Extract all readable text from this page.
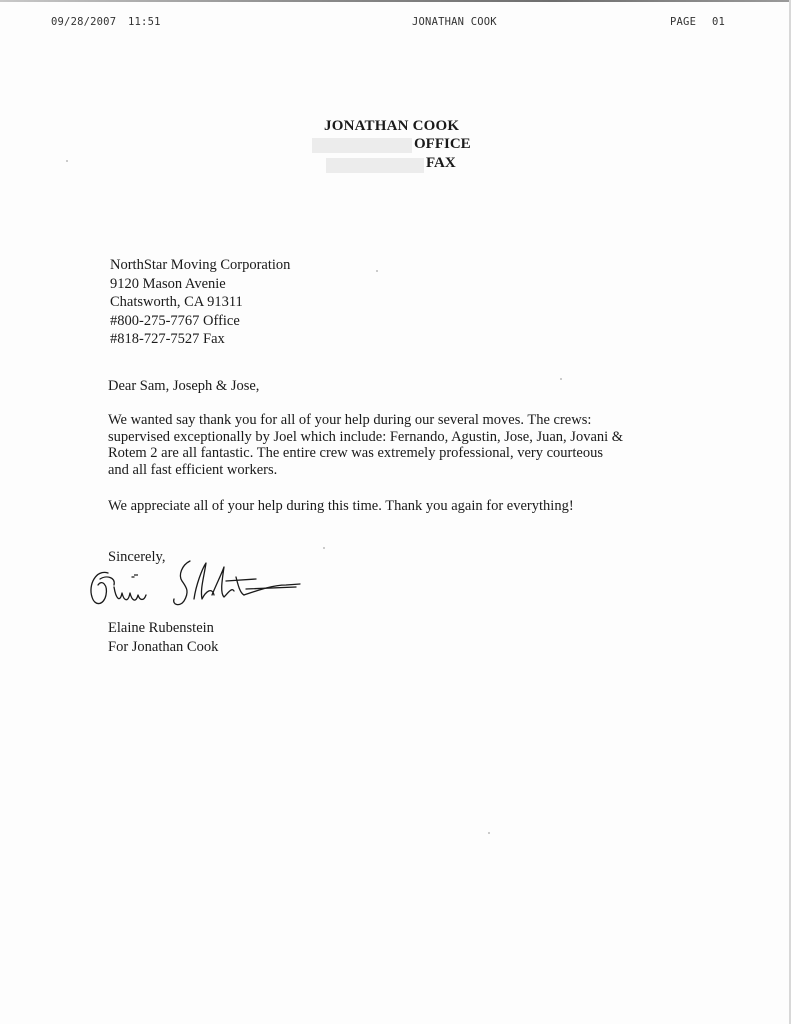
09/28/2007 11:51	JONATHAN COOK	PAGE 01
JONATHAN COOK
OFFICE
FAX
NorthStar Moving Corporation
9120 Mason Avenie
Chatsworth, CA 91311
#800-275-7767 Office
#818-727-7527 Fax
Dear Sam, Joseph & Jose,
We wanted say thank you for all of your help during our several moves. The crews:
supervised exceptionally by Joel which include: Fernando, Agustin, Jose, Juan, Jovani &
Rotem 2 are all fantastic. The entire crew was extremely professional, very courteous
and all fast efficient workers.
We appreciate all of your help during this time. Thank you again for everything!
Sincerely,
Elaine Rubenstein
For Jonathan Cook
